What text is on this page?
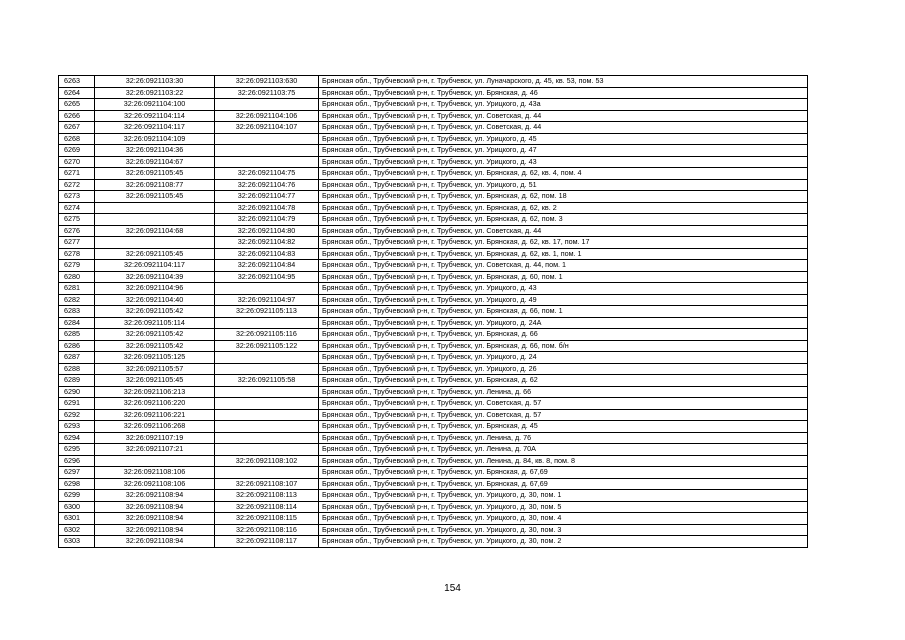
6263	32:26:0921103:30	32:26:0921103:630	Брянская обл., Трубчевский р-н, г. Трубчевск, ул. Луначарского, д. 45, кв. 53, пом. 53
6264	32:26:0921103:22	32:26:0921103:75	Брянская обл., Трубчевский р-н, г. Трубчевск, ул. Брянская, д. 46
6265	32:26:0921104:100		Брянская обл., Трубчевский р-н, г. Трубчевск, ул. Урицкого, д. 43а
6266	32:26:0921104:114	32:26:0921104:106	Брянская обл., Трубчевский р-н, г. Трубчевск, ул. Советская, д. 44
6267	32:26:0921104:117	32:26:0921104:107	Брянская обл., Трубчевский р-н, г. Трубчевск, ул. Советская, д. 44
6268	32:26:0921104:109		Брянская обл., Трубчевский р-н, г. Трубчевск, ул. Урицкого, д. 45
6269	32:26:0921104:36		Брянская обл., Трубчевский р-н, г. Трубчевск, ул. Урицкого, д. 47
6270	32:26:0921104:67		Брянская обл., Трубчевский р-н, г. Трубчевск, ул. Урицкого, д. 43
6271	32:26:0921105:45	32:26:0921104:75	Брянская обл., Трубчевский р-н, г. Трубчевск, ул. Брянская, д. 62, кв. 4, пом. 4
6272	32:26:0921108:77	32:26:0921104:76	Брянская обл., Трубчевский р-н, г. Трубчевск, ул. Урицкого, д. 51
6273	32:26:0921105:45	32:26:0921104:77	Брянская обл., Трубчевский р-н, г. Трубчевск, ул. Брянская, д. 62, пом. 18
6274		32:26:0921104:78	Брянская обл., Трубчевский р-н, г. Трубчевск, ул. Брянская, д. 62, кв. 2
6275		32:26:0921104:79	Брянская обл., Трубчевский р-н, г. Трубчевск, ул. Брянская, д. 62, пом. 3
6276	32:26:0921104:68	32:26:0921104:80	Брянская обл., Трубчевский р-н, г. Трубчевск, ул. Советская, д. 44
6277		32:26:0921104:82	Брянская обл., Трубчевский р-н, г. Трубчевск, ул. Брянская, д. 62, кв. 17, пом. 17
6278	32:26:0921105:45	32:26:0921104:83	Брянская обл., Трубчевский р-н, г. Трубчевск, ул. Брянская, д. 62, кв. 1, пом. 1
6279	32:26:0921104:117	32:26:0921104:84	Брянская обл., Трубчевский р-н, г. Трубчевск, ул. Советская, д. 44, пом. 1
6280	32:26:0921104:39	32:26:0921104:95	Брянская обл., Трубчевский р-н, г. Трубчевск, ул. Брянская, д. 60, пом. 1
6281	32:26:0921104:96		Брянская обл., Трубчевский р-н, г. Трубчевск, ул. Урицкого, д. 43
6282	32:26:0921104:40	32:26:0921104:97	Брянская обл., Трубчевский р-н, г. Трубчевск, ул. Урицкого, д. 49
6283	32:26:0921105:42	32:26:0921105:113	Брянская обл., Трубчевский р-н, г. Трубчевск, ул. Брянская, д. 66, пом. 1
6284	32:26:0921105:114		Брянская обл., Трубчевский р-н, г. Трубчевск, ул. Урицкого, д. 24А
6285	32:26:0921105:42	32:26:0921105:116	Брянская обл., Трубчевский р-н, г. Трубчевск, ул. Брянская, д. 66
6286	32:26:0921105:42	32:26:0921105:122	Брянская обл., Трубчевский р-н, г. Трубчевск, ул. Брянская, д. 66, пом. б/н
6287	32:26:0921105:125		Брянская обл., Трубчевский р-н, г. Трубчевск, ул. Урицкого, д. 24
6288	32:26:0921105:57		Брянская обл., Трубчевский р-н, г. Трубчевск, ул. Урицкого, д. 26
6289	32:26:0921105:45	32:26:0921105:58	Брянская обл., Трубчевский р-н, г. Трубчевск, ул. Брянская, д. 62
6290	32:26:0921106:213		Брянская обл., Трубчевский р-н, г. Трубчевск, ул. Ленина, д. 66
6291	32:26:0921106:220		Брянская обл., Трубчевский р-н, г. Трубчевск, ул. Советская, д. 57
6292	32:26:0921106:221		Брянская обл., Трубчевский р-н, г. Трубчевск, ул. Советская, д. 57
6293	32:26:0921106:268		Брянская обл., Трубчевский р-н, г. Трубчевск, ул. Брянская, д. 45
6294	32:26:0921107:19		Брянская обл., Трубчевский р-н, г. Трубчевск, ул. Ленина, д. 76
6295	32:26:0921107:21		Брянская обл., Трубчевский р-н, г. Трубчевск, ул. Ленина, д. 70А
6296		32:26:0921108:102	Брянская обл., Трубчевский р-н, г. Трубчевск, ул. Ленина, д. 84, кв. 8, пом. 8
6297	32:26:0921108:106		Брянская обл., Трубчевский р-н, г. Трубчевск, ул. Брянская, д. 67,69
6298	32:26:0921108:106	32:26:0921108:107	Брянская обл., Трубчевский р-н, г. Трубчевск, ул. Брянская, д. 67,69
6299	32:26:0921108:94	32:26:0921108:113	Брянская обл., Трубчевский р-н, г. Трубчевск, ул. Урицкого, д. 30, пом. 1
6300	32:26:0921108:94	32:26:0921108:114	Брянская обл., Трубчевский р-н, г. Трубчевск, ул. Урицкого, д. 30, пом. 5
6301	32:26:0921108:94	32:26:0921108:115	Брянская обл., Трубчевский р-н, г. Трубчевск, ул. Урицкого, д. 30, пом. 4
6302	32:26:0921108:94	32:26:0921108:116	Брянская обл., Трубчевский р-н, г. Трубчевск, ул. Урицкого, д. 30, пом. 3
6303	32:26:0921108:94	32:26:0921108:117	Брянская обл., Трубчевский р-н, г. Трубчевск, ул. Урицкого, д. 30, пом. 2
154
